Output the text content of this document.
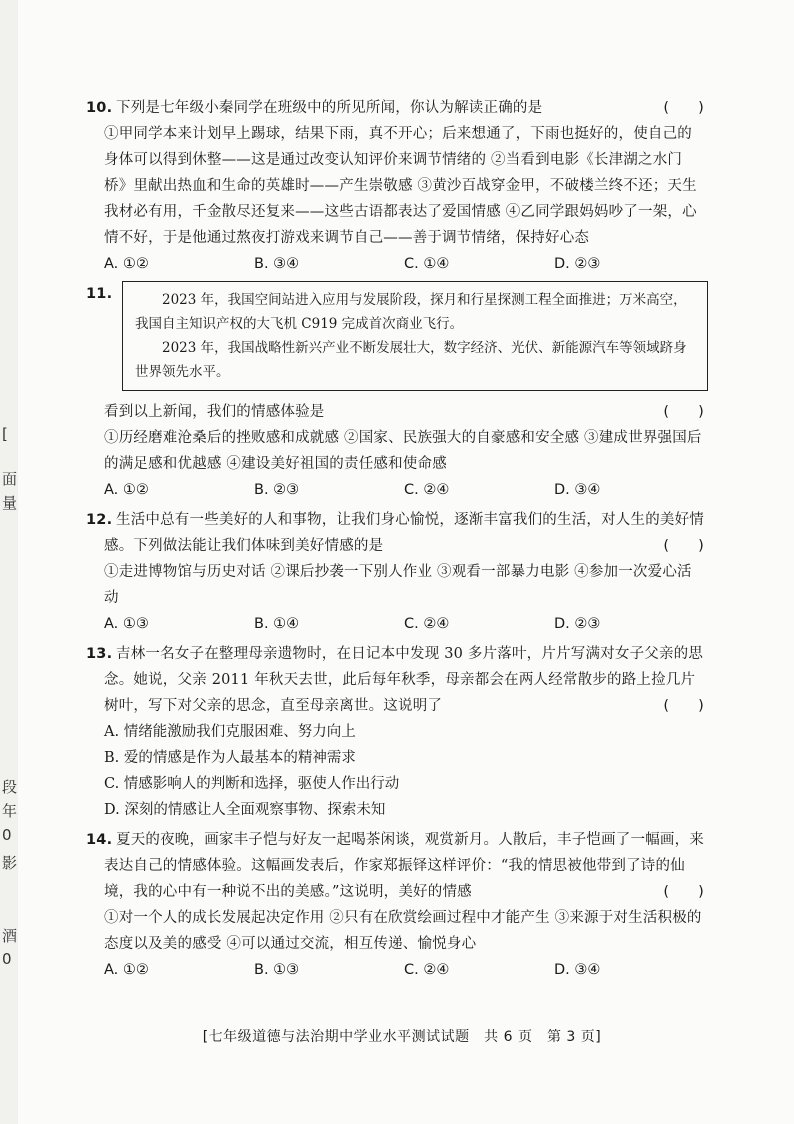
[
面
量
段
年
0
影
酒
0
10. 下列是七年级小秦同学在班级中的所见所闻，你认为解读正确的是	(      )
①甲同学本来计划早上踢球，结果下雨，真不开心；后来想通了，下雨也挺好的，使自己的身体可以得到休整——这是通过改变认知评价来调节情绪的 ②当看到电影《长津湖之水门桥》里献出热血和生命的英雄时——产生崇敬感 ③黄沙百战穿金甲，不破楼兰终不还；天生我材必有用，千金散尽还复来——这些古语都表达了爱国情感 ④乙同学跟妈妈吵了一架，心情不好，于是他通过熬夜打游戏来调节自己——善于调节情绪，保持好心态
A. ①②	B. ③④	C. ①④	D. ②③
11.	2023 年，我国空间站进入应用与发展阶段，探月和行星探测工程全面推进；万米高空，我国自主知识产权的大飞机 C919 完成首次商业飞行。

2023 年，我国战略性新兴产业不断发展壮大，数字经济、光伏、新能源汽车等领域跻身世界领先水平。

看到以上新闻，我们的情感体验是	(      )
①历经磨难沧桑后的挫败感和成就感 ②国家、民族强大的自豪感和安全感 ③建成世界强国后的满足感和优越感 ④建设美好祖国的责任感和使命感
A. ①②	B. ②③	C. ②④	D. ③④
12. 生活中总有一些美好的人和事物，让我们身心愉悦，逐渐丰富我们的生活，对人生的美好情感。下列做法能让我们体味到美好情感的是	(      )
①走进博物馆与历史对话 ②课后抄袭一下别人作业 ③观看一部暴力电影 ④参加一次爱心活动
A. ①③	B. ①④	C. ②④	D. ②③
13. 吉林一名女子在整理母亲遗物时，在日记本中发现 30 多片落叶，片片写满对女子父亲的思念。她说，父亲 2011 年秋天去世，此后每年秋季，母亲都会在两人经常散步的路上捡几片树叶，写下对父亲的思念，直至母亲离世。这说明了	(      )
A. 情绪能激励我们克服困难、努力向上
B. 爱的情感是作为人最基本的精神需求
C. 情感影响人的判断和选择，驱使人作出行动
D. 深刻的情感让人全面观察事物、探索未知
14. 夏天的夜晚，画家丰子恺与好友一起喝茶闲谈，观赏新月。人散后，丰子恺画了一幅画，来表达自己的情感体验。这幅画发表后，作家郑振铎这样评价：“我的情思被他带到了诗的仙境，我的心中有一种说不出的美感。”这说明，美好的情感	(      )
①对一个人的成长发展起决定作用 ②只有在欣赏绘画过程中才能产生 ③来源于对生活积极的态度以及美的感受 ④可以通过交流，相互传递、愉悦身心
A. ①②	B. ①③	C. ②④	D. ③④
[七年级道德与法治期中学业水平测试试题　共 6 页　第 3 页]
